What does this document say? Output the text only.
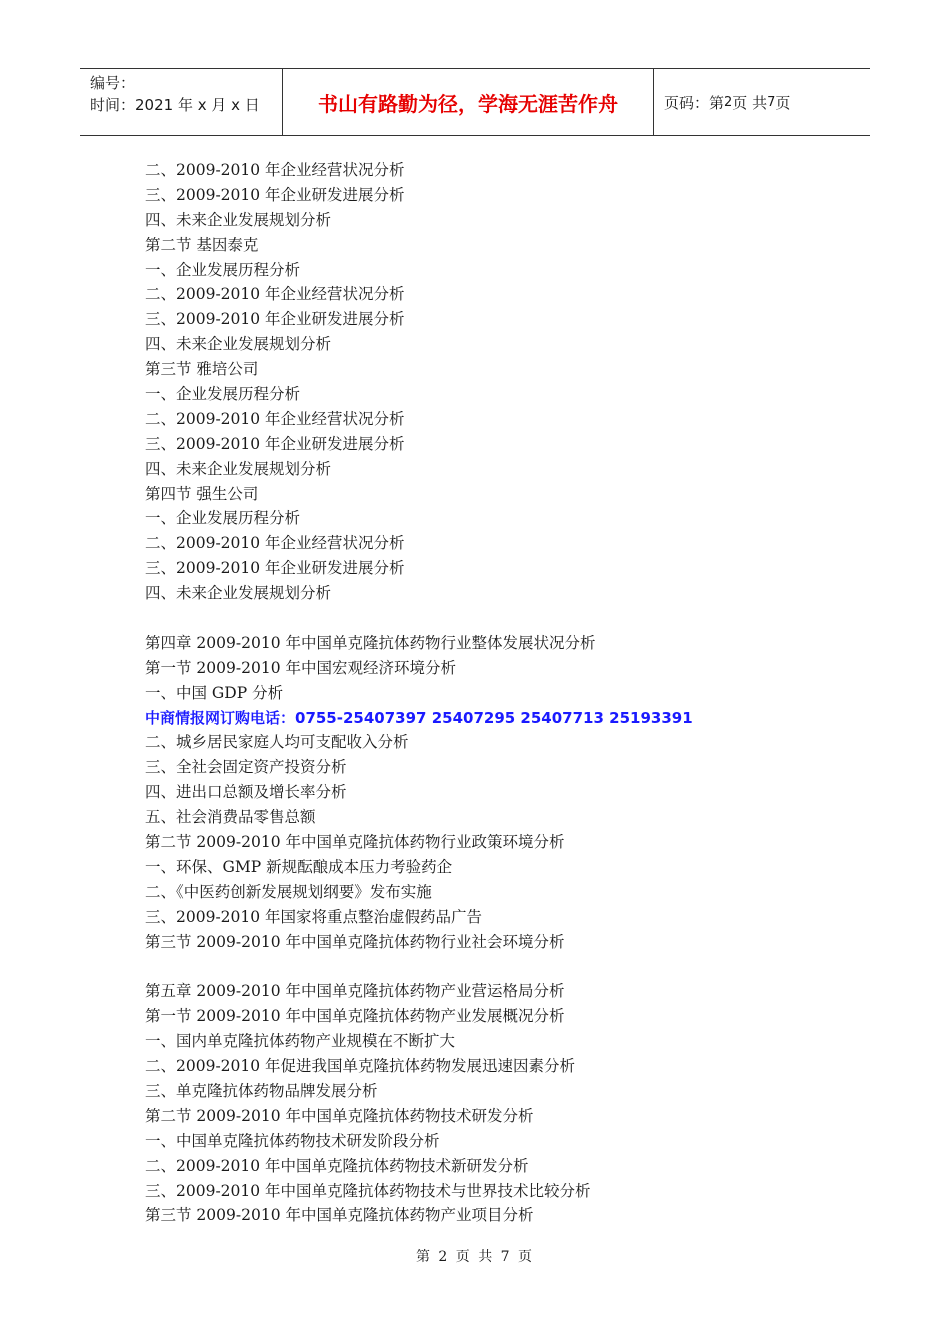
编号：
时间：2021 年 x 月 x 日	书山有路勤为径，学海无涯苦作舟	页码：第 2 页 共 7 页
二、2009-2010 年企业经营状况分析
三、2009-2010 年企业研发进展分析
四、未来企业发展规划分析
第二节 基因泰克
一、企业发展历程分析
二、2009-2010 年企业经营状况分析
三、2009-2010 年企业研发进展分析
四、未来企业发展规划分析
第三节 雅培公司
一、企业发展历程分析
二、2009-2010 年企业经营状况分析
三、2009-2010 年企业研发进展分析
四、未来企业发展规划分析
第四节 强生公司
一、企业发展历程分析
二、2009-2010 年企业经营状况分析
三、2009-2010 年企业研发进展分析
四、未来企业发展规划分析
第四章 2009-2010 年中国单克隆抗体药物行业整体发展状况分析
第一节 2009-2010 年中国宏观经济环境分析
一、中国 GDP 分析
中商情报网订购电话：0755-25407397 25407295 25407713 25193391
二、城乡居民家庭人均可支配收入分析
三、全社会固定资产投资分析
四、进出口总额及增长率分析
五、社会消费品零售总额
第二节 2009-2010 年中国单克隆抗体药物行业政策环境分析
一、环保、GMP 新规酝酿成本压力考验药企
二、《中医药创新发展规划纲要》发布实施
三、2009-2010 年国家将重点整治虚假药品广告
第三节 2009-2010 年中国单克隆抗体药物行业社会环境分析
第五章 2009-2010 年中国单克隆抗体药物产业营运格局分析
第一节 2009-2010 年中国单克隆抗体药物产业发展概况分析
一、国内单克隆抗体药物产业规模在不断扩大
二、2009-2010 年促进我国单克隆抗体药物发展迅速因素分析
三、单克隆抗体药物品牌发展分析
第二节 2009-2010 年中国单克隆抗体药物技术研发分析
一、中国单克隆抗体药物技术研发阶段分析
二、2009-2010 年中国单克隆抗体药物技术新研发分析
三、2009-2010 年中国单克隆抗体药物技术与世界技术比较分析
第三节 2009-2010 年中国单克隆抗体药物产业项目分析
第 2 页 共 7 页
